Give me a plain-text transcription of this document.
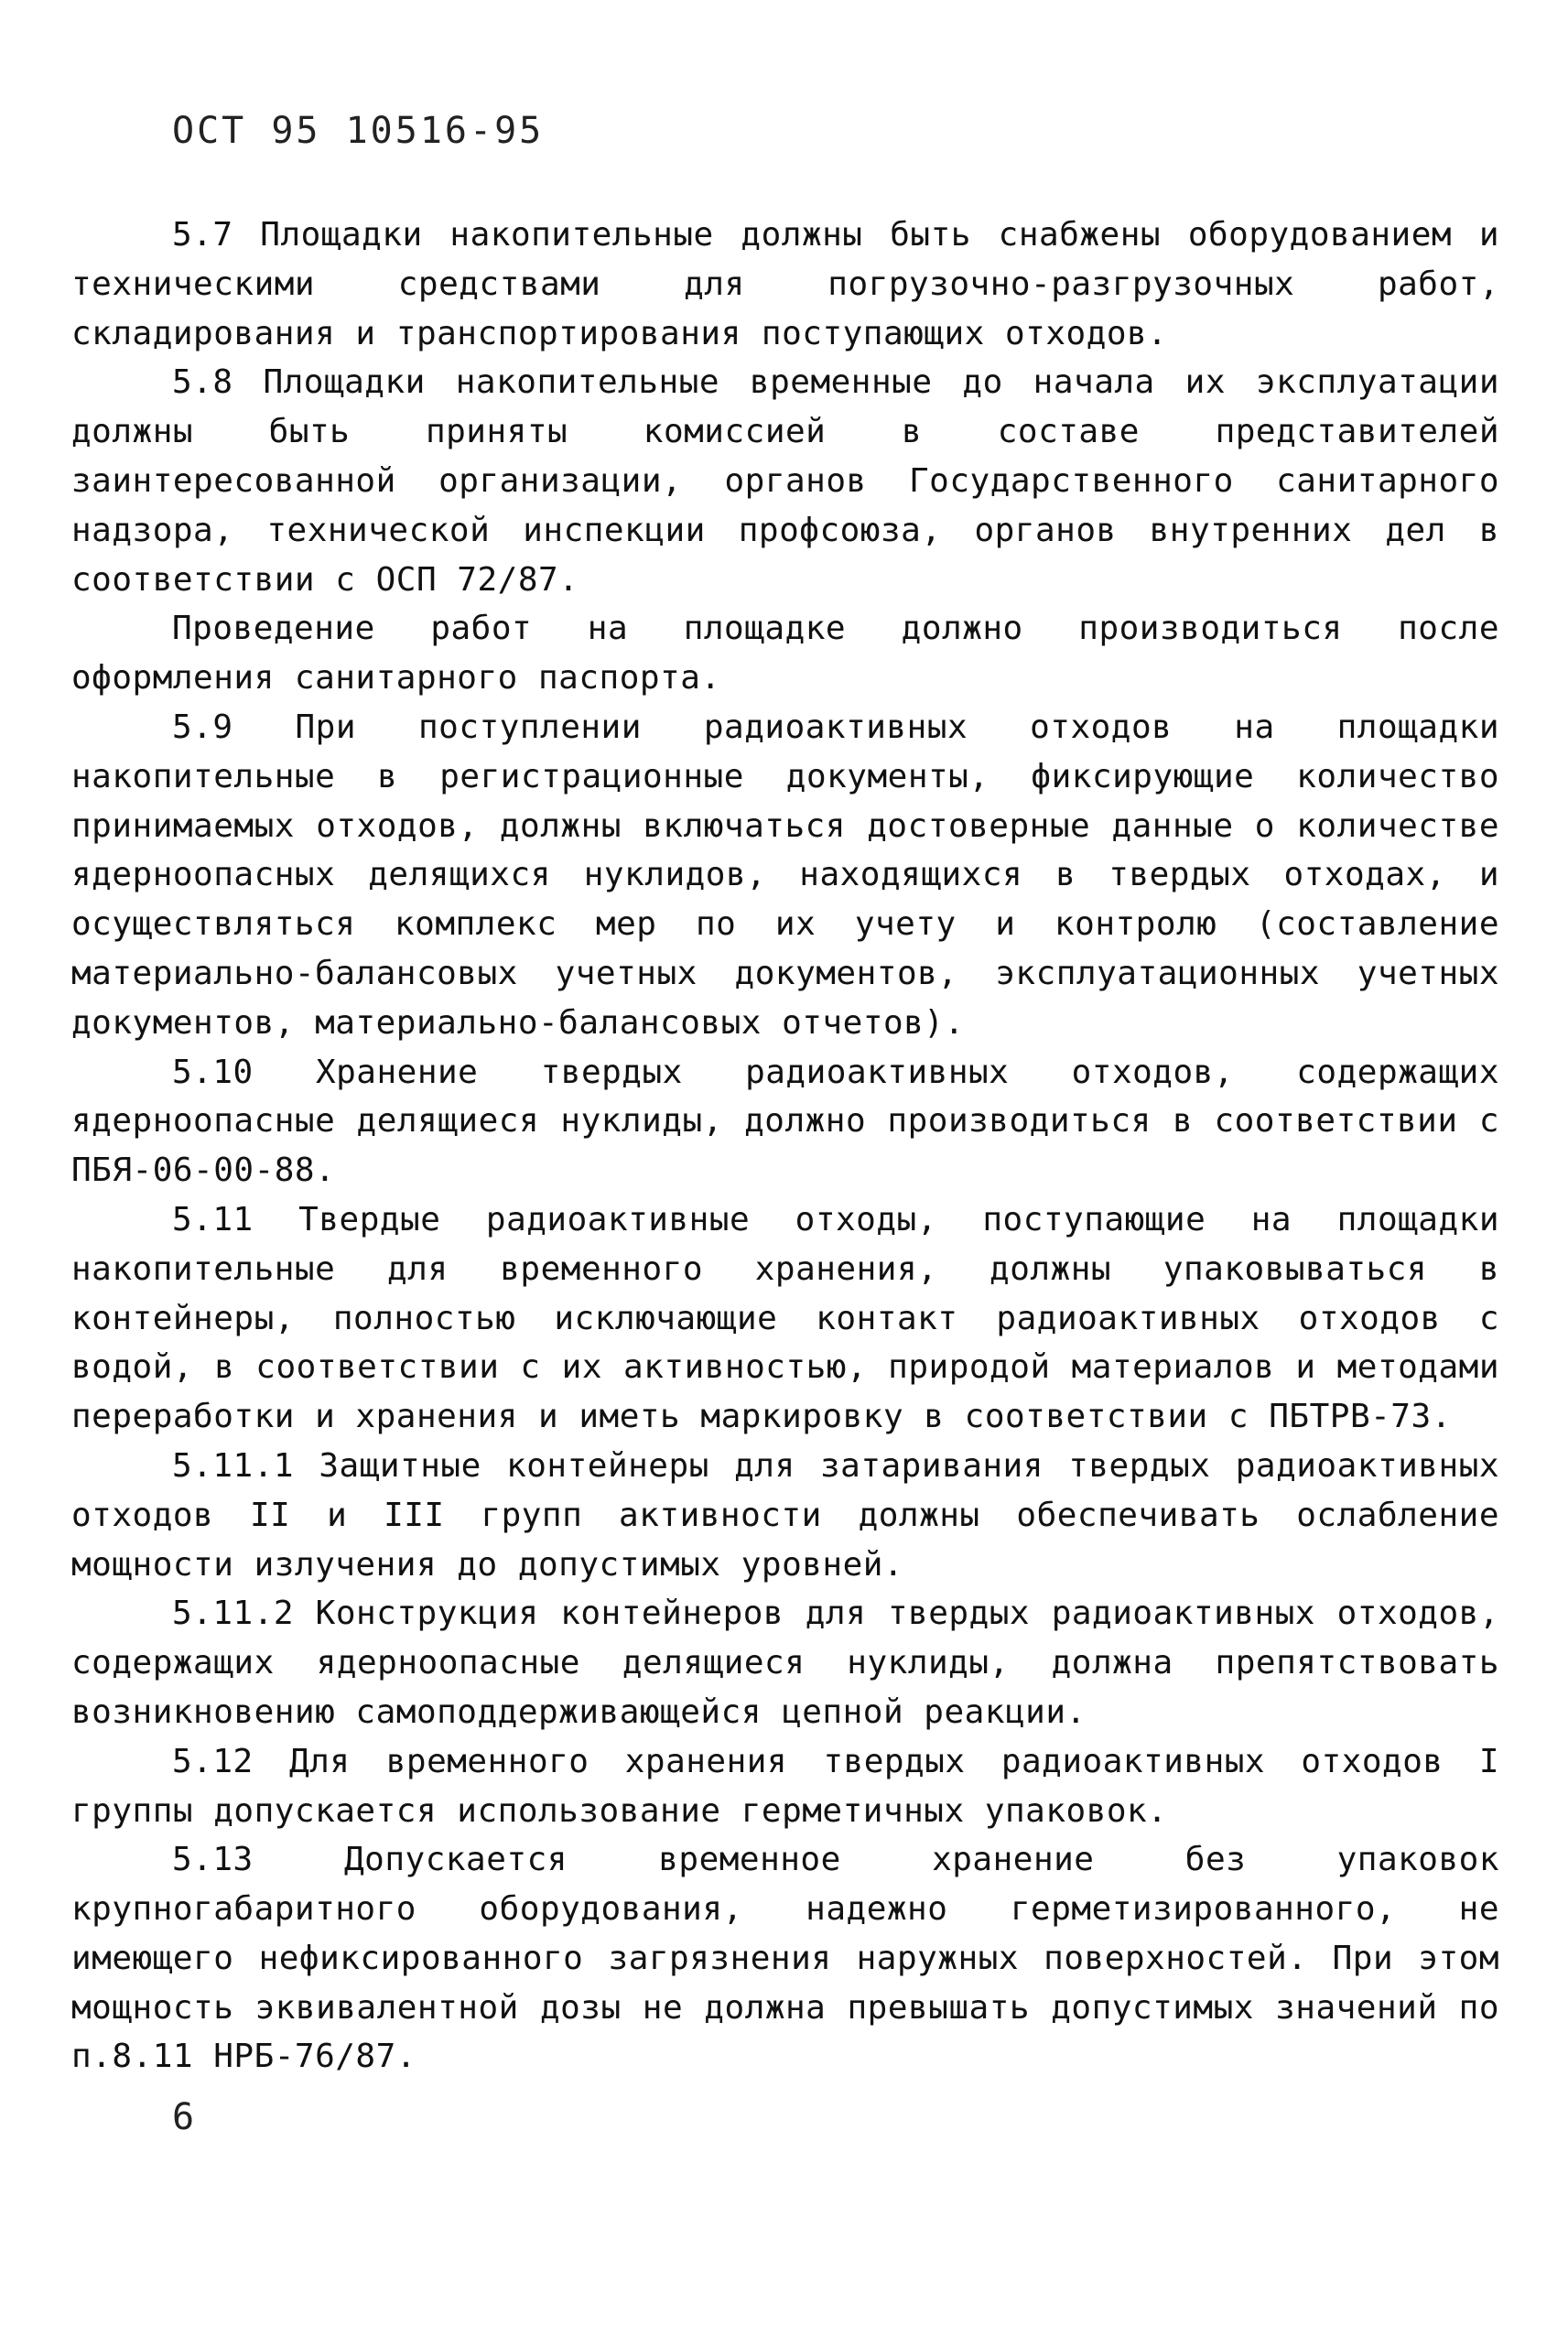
ОСТ 95 10516-95

5.7 Площадки накопительные должны быть снабжены оборудованием и техническими средствами для погрузочно-разгрузочных работ, складирования и транспортирования поступающих отходов.

5.8 Площадки накопительные временные до начала их эксплуатации должны быть приняты комиссией в составе представителей заинтересованной организации, органов Государственного санитарного надзора, технической инспекции профсоюза, органов внутренних дел в соответствии с ОСП 72/87.

Проведение работ на площадке должно производиться после оформления санитарного паспорта.

5.9 При поступлении радиоактивных отходов на площадки накопительные в регистрационные документы, фиксирующие количество принимаемых отходов, должны включаться достоверные данные о количестве ядерноопасных делящихся нуклидов, находящихся в твердых отходах, и осуществляться комплекс мер по их учету и контролю (составление материально-балансовых учетных документов, эксплуатационных учетных документов, материально-балансовых отчетов).

5.10 Хранение твердых радиоактивных отходов, содержащих ядерноопасные делящиеся нуклиды, должно производиться в соответствии с ПБЯ-06-00-88.

5.11 Твердые радиоактивные отходы, поступающие на площадки накопительные для временного хранения, должны упаковываться в контейнеры, полностью исключающие контакт радиоактивных отходов с водой, в соответствии с их активностью, природой материалов и методами переработки и хранения и иметь маркировку в соответствии с ПБТРВ-73.

5.11.1 Защитные контейнеры для затаривания твердых радиоактивных отходов II и III групп активности должны обеспечивать ослабление мощности излучения до допустимых уровней.

5.11.2 Конструкция контейнеров для твердых радиоактивных отходов, содержащих ядерноопасные делящиеся нуклиды, должна препятствовать возникновению самоподдерживающейся цепной реакции.

5.12 Для временного хранения твердых радиоактивных отходов I группы допускается использование герметичных упаковок.

5.13 Допускается временное хранение без упаковок крупногабаритного оборудования, надежно герметизированного, не имеющего нефиксированного загрязнения наружных поверхностей. При этом мощность эквивалентной дозы не должна превышать допустимых значений по п.8.11 НРБ-76/87.

6
